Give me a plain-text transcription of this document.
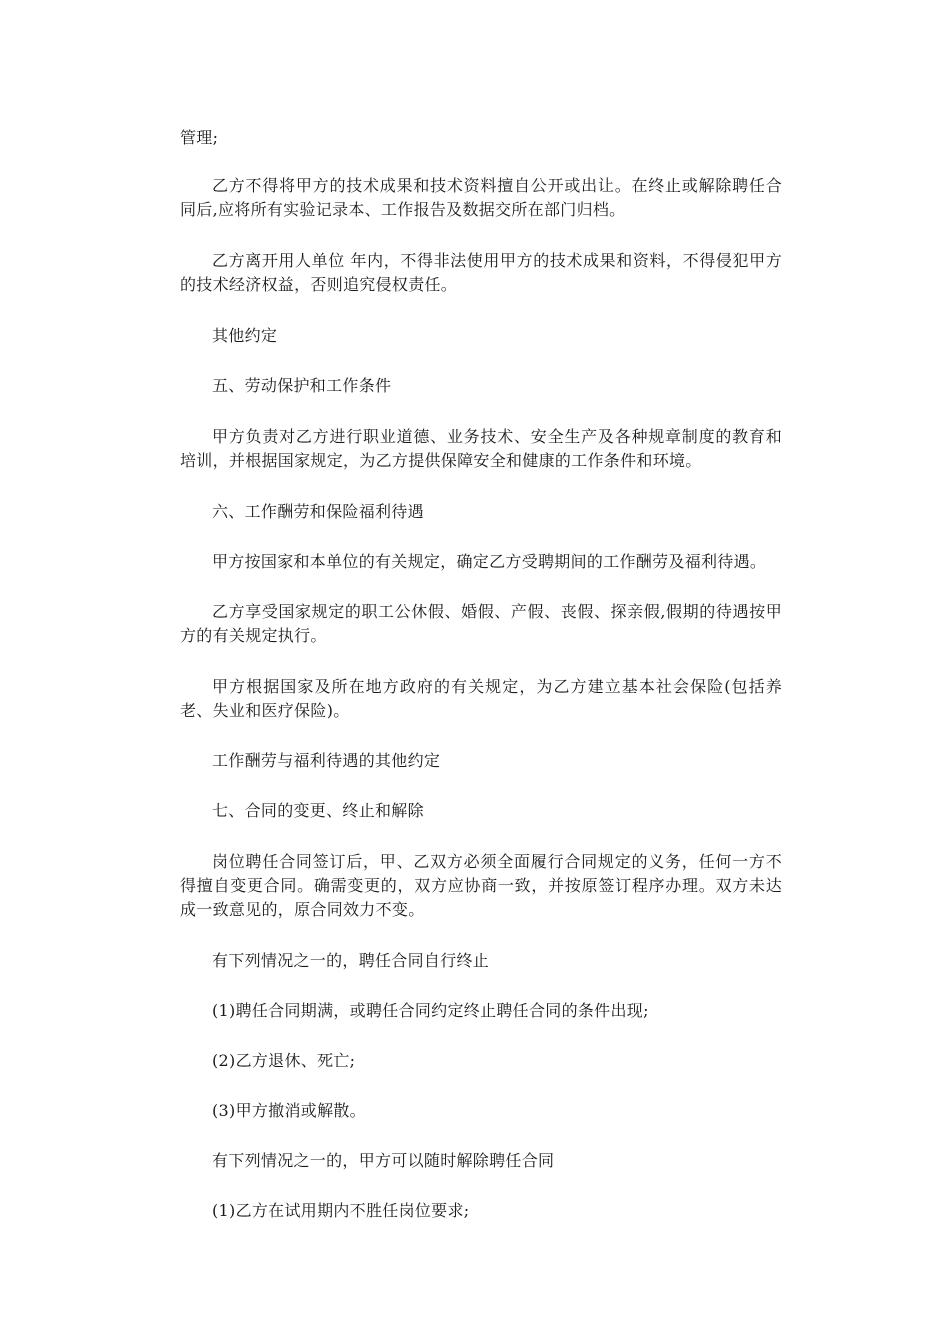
管理;

乙方不得将甲方的技术成果和技术资料擅自公开或出让。在终止或解除聘任合同后,应将所有实验记录本、工作报告及数据交所在部门归档。

乙方离开用人单位 年内，不得非法使用甲方的技术成果和资料，不得侵犯甲方的技术经济权益，否则追究侵权责任。

其他约定

五、劳动保护和工作条件

甲方负责对乙方进行职业道德、业务技术、安全生产及各种规章制度的教育和培训，并根据国家规定，为乙方提供保障安全和健康的工作条件和环境。

六、工作酬劳和保险福利待遇

甲方按国家和本单位的有关规定，确定乙方受聘期间的工作酬劳及福利待遇。

乙方享受国家规定的职工公休假、婚假、产假、丧假、探亲假,假期的待遇按甲方的有关规定执行。

甲方根据国家及所在地方政府的有关规定，为乙方建立基本社会保险(包括养老、失业和医疗保险)。

工作酬劳与福利待遇的其他约定

七、合同的变更、终止和解除

岗位聘任合同签订后，甲、乙双方必须全面履行合同规定的义务，任何一方不得擅自变更合同。确需变更的，双方应协商一致，并按原签订程序办理。双方未达成一致意见的，原合同效力不变。

有下列情况之一的，聘任合同自行终止

(1)聘任合同期满，或聘任合同约定终止聘任合同的条件出现;

(2)乙方退休、死亡;

(3)甲方撤消或解散。

有下列情况之一的，甲方可以随时解除聘任合同

(1)乙方在试用期内不胜任岗位要求;
